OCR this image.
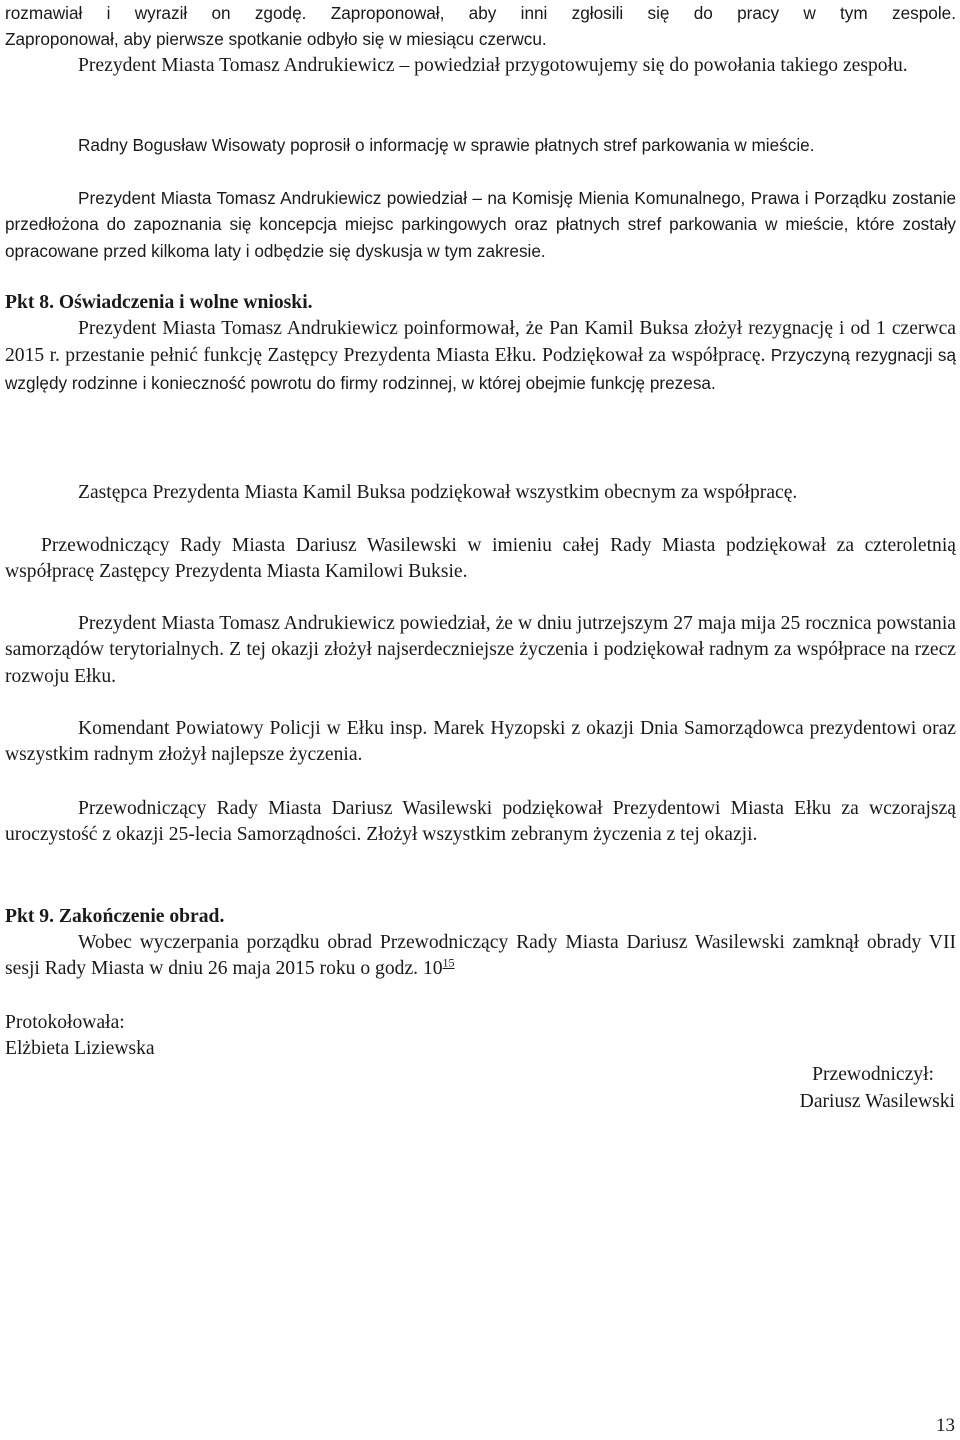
rozmawiał i wyraził on zgodę. Zaproponował, aby inni zgłosili się do pracy w tym zespole.

Zaproponował, aby pierwsze spotkanie odbyło się w miesiącu czerwcu.

Prezydent Miasta Tomasz Andrukiewicz – powiedział przygotowujemy się do powołania takiego zespołu.

Radny Bogusław Wisowaty poprosił o informację w sprawie płatnych stref parkowania w mieście.

Prezydent Miasta Tomasz Andrukiewicz powiedział – na Komisję Mienia Komunalnego, Prawa i Porządku zostanie przedłożona do zapoznania się koncepcja miejsc parkingowych oraz płatnych stref parkowania w mieście, które zostały opracowane przed kilkoma laty i odbędzie się dyskusja w tym zakresie.

Pkt 8. Oświadczenia i wolne wnioski.

Prezydent Miasta Tomasz Andrukiewicz poinformował, że Pan Kamil Buksa złożył rezygnację i od 1 czerwca 2015 r. przestanie pełnić funkcję Zastępcy Prezydenta Miasta Ełku. Podziękował za współpracę. Przyczyną rezygnacji są względy rodzinne i konieczność powrotu do firmy rodzinnej, w której obejmie funkcję prezesa.

Zastępca Prezydenta Miasta Kamil Buksa podziękował wszystkim obecnym za współpracę.

Przewodniczący Rady Miasta Dariusz Wasilewski w imieniu całej Rady Miasta podziękował za czteroletnią współpracę Zastępcy Prezydenta Miasta Kamilowi Buksie.

Prezydent Miasta Tomasz Andrukiewicz powiedział, że w dniu jutrzejszym 27 maja mija 25 rocznica powstania samorządów terytorialnych. Z tej okazji złożył najserdeczniejsze życzenia i podziękował radnym za współprace na rzecz rozwoju Ełku.

Komendant Powiatowy Policji w Ełku insp. Marek Hyzopski z okazji Dnia Samorządowca prezydentowi oraz wszystkim radnym złożył najlepsze życzenia.

Przewodniczący Rady Miasta Dariusz Wasilewski podziękował Prezydentowi Miasta Ełku za wczorajszą uroczystość z okazji 25-lecia Samorządności. Złożył wszystkim zebranym życzenia z tej okazji.

Pkt 9. Zakończenie obrad.

Wobec wyczerpania porządku obrad Przewodniczący Rady Miasta Dariusz Wasilewski zamknął obrady VII sesji Rady Miasta w dniu 26 maja 2015 roku o godz. $10^{15}$

Protokołowała:

Elżbieta Liziewska

Przewodniczył:

Dariusz Wasilewski

13
